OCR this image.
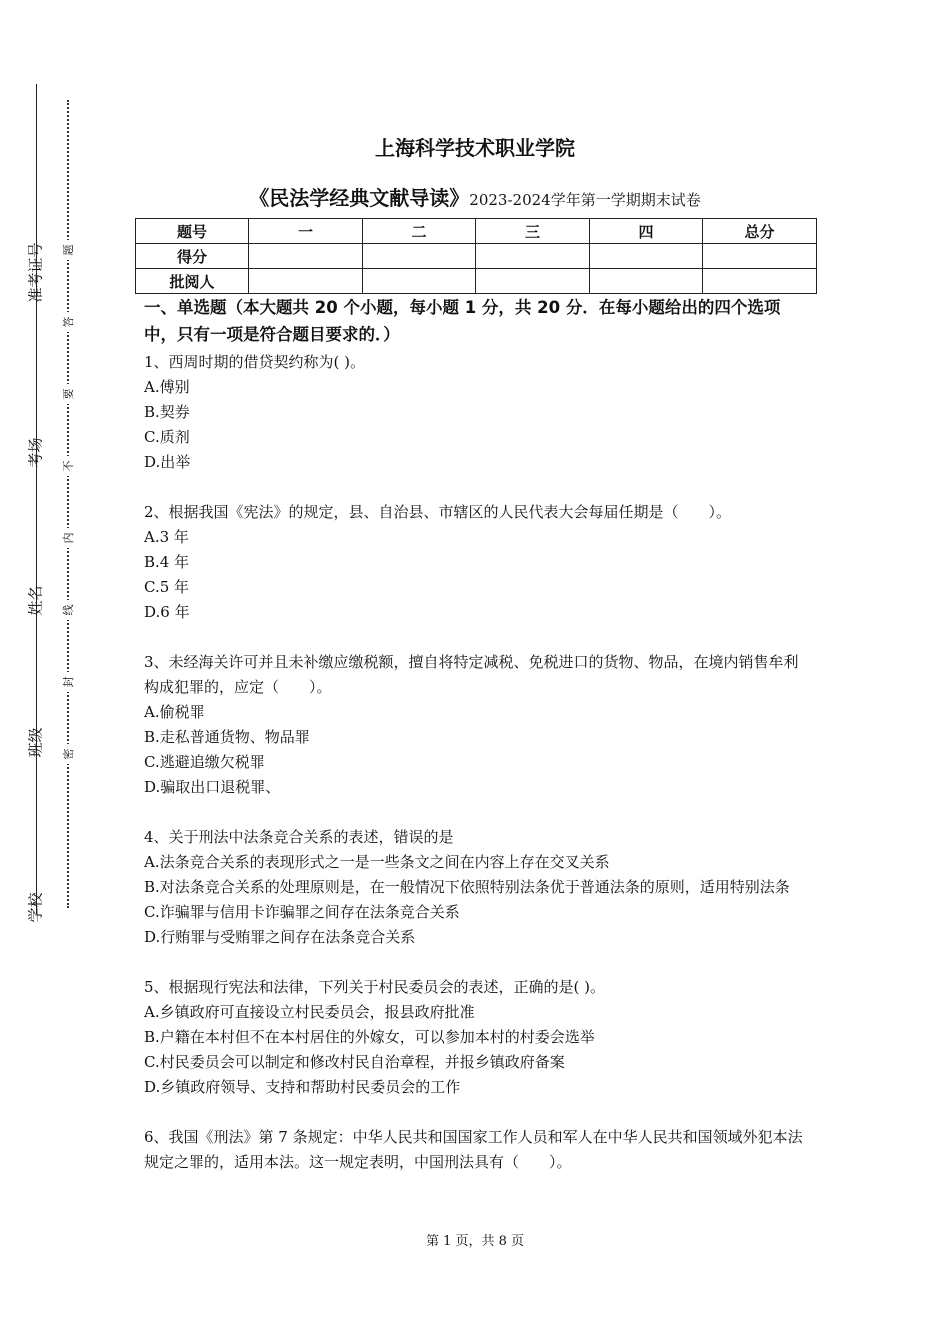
准考证号
考场
姓名
班级
学校
题
答
要
不
内
线
封
密
上海科学技术职业学院
《民法学经典文献导读》2023-2024学年第一学期期末试卷
题号	一	二	三	四	总分
得分					
批阅人					

一、单选题（本大题共 20 个小题，每小题 1 分，共 20 分．在每小题给出的四个选项中，只有一项是符合题目要求的．）

1、西周时期的借贷契约称为( )。

A.傅别

B.契券

C.质剂

D.出举

2、根据我国《宪法》的规定，县、自治县、市辖区的人民代表大会每届任期是（　　）。

A.3 年

B.4 年

C.5 年

D.6 年

3、未经海关许可并且未补缴应缴税额，擅自将特定减税、免税进口的货物、物品，在境内销售牟利构成犯罪的，应定（　　）。

A.偷税罪

B.走私普通货物、物品罪

C.逃避追缴欠税罪

D.骗取出口退税罪、

4、关于刑法中法条竞合关系的表述，错误的是

A.法条竞合关系的表现形式之一是一些条文之间在内容上存在交叉关系

B.对法条竞合关系的处理原则是，在一般情况下依照特别法条优于普通法条的原则，适用特别法条

C.诈骗罪与信用卡诈骗罪之间存在法条竞合关系

D.行贿罪与受贿罪之间存在法条竞合关系

5、根据现行宪法和法律，下列关于村民委员会的表述，正确的是( )。

A.乡镇政府可直接设立村民委员会，报县政府批准

B.户籍在本村但不在本村居住的外嫁女，可以参加本村的村委会选举

C.村民委员会可以制定和修改村民自治章程，并报乡镇政府备案

D.乡镇政府领导、支持和帮助村民委员会的工作

6、我国《刑法》第 7 条规定：中华人民共和国国家工作人员和军人在中华人民共和国领域外犯本法规定之罪的，适用本法。这一规定表明，中国刑法具有（　　）。

第 1 页，共 8 页
